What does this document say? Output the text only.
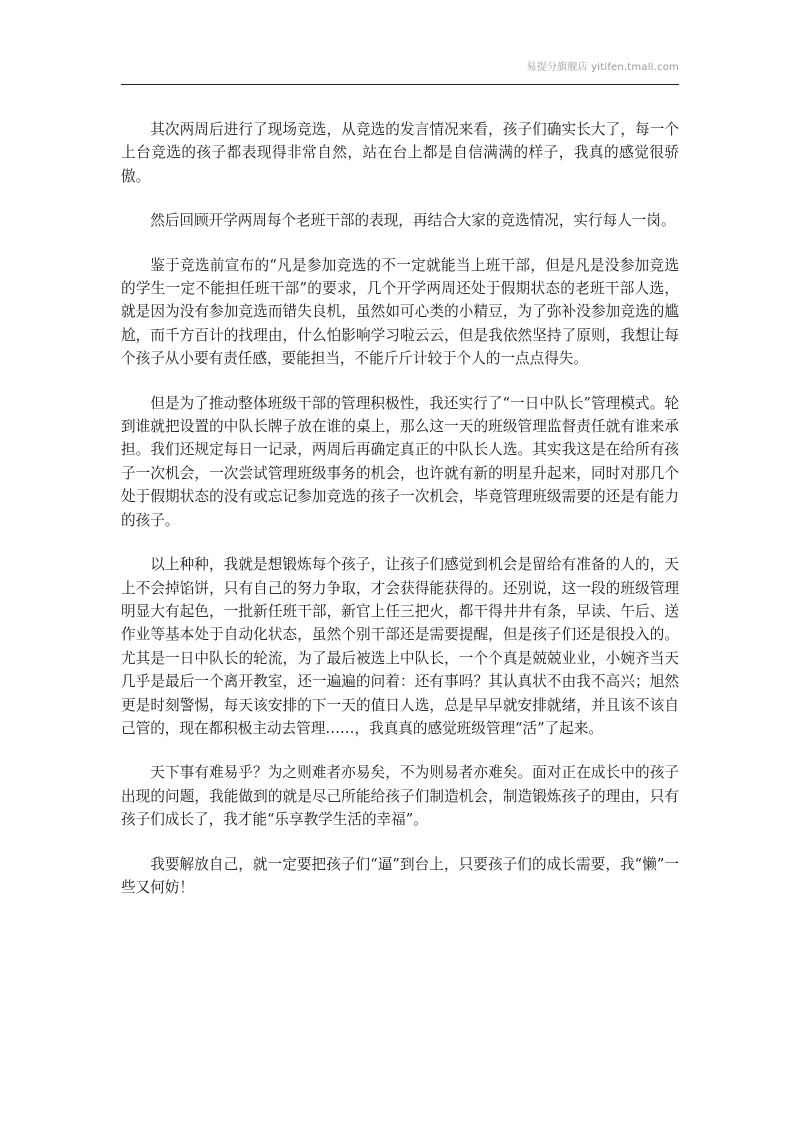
易提分旗舰店 yitifen.tmall.com

其次两周后进行了现场竞选，从竞选的发言情况来看，孩子们确实长大了，每一个上台竞选的孩子都表现得非常自然，站在台上都是自信满满的样子，我真的感觉很骄傲。

然后回顾开学两周每个老班干部的表现，再结合大家的竞选情况，实行每人一岗。

鉴于竞选前宣布的“凡是参加竞选的不一定就能当上班干部，但是凡是没参加竞选的学生一定不能担任班干部”的要求，几个开学两周还处于假期状态的老班干部人选，就是因为没有参加竞选而错失良机，虽然如可心类的小精豆，为了弥补没参加竞选的尴尬，而千方百计的找理由，什么怕影响学习啦云云，但是我依然坚持了原则，我想让每个孩子从小要有责任感，要能担当，不能斤斤计较于个人的一点点得失。

但是为了推动整体班级干部的管理积极性，我还实行了“一日中队长”管理模式。轮到谁就把设置的中队长牌子放在谁的桌上，那么这一天的班级管理监督责任就有谁来承担。我们还规定每日一记录，两周后再确定真正的中队长人选。其实我这是在给所有孩子一次机会，一次尝试管理班级事务的机会，也许就有新的明星升起来，同时对那几个处于假期状态的没有或忘记参加竞选的孩子一次机会，毕竟管理班级需要的还是有能力的孩子。

以上种种，我就是想锻炼每个孩子，让孩子们感觉到机会是留给有准备的人的，天上不会掉馅饼，只有自己的努力争取，才会获得能获得的。还别说，这一段的班级管理明显大有起色，一批新任班干部，新官上任三把火，都干得井井有条，早读、午后、送作业等基本处于自动化状态，虽然个别干部还是需要提醒，但是孩子们还是很投入的。尤其是一日中队长的轮流，为了最后被选上中队长，一个个真是兢兢业业，小婉齐当天几乎是最后一个离开教室，还一遍遍的问着：还有事吗？其认真状不由我不高兴；旭然更是时刻警惕，每天该安排的下一天的值日人选，总是早早就安排就绪，并且该不该自己管的，现在都积极主动去管理……，我真真的感觉班级管理“活”了起来。

天下事有难易乎？为之则难者亦易矣，不为则易者亦难矣。面对正在成长中的孩子出现的问题，我能做到的就是尽己所能给孩子们制造机会，制造锻炼孩子的理由，只有孩子们成长了，我才能“乐享教学生活的幸福”。

我要解放自己，就一定要把孩子们“逼”到台上，只要孩子们的成长需要，我“懒”一些又何妨！
